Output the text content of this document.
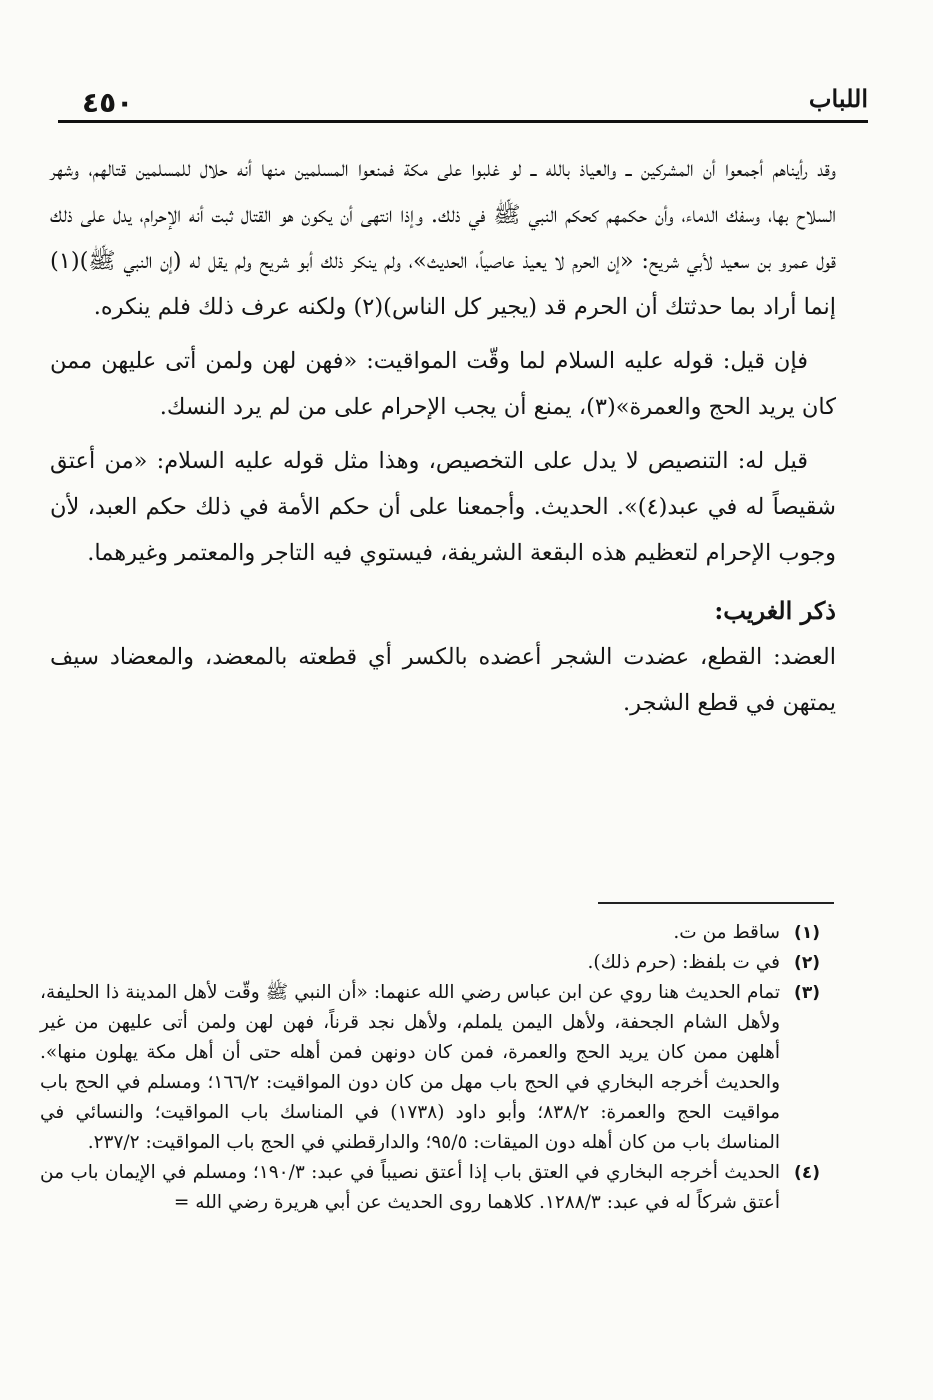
اللباب
٤٥٠

وقد رأيناهم أجمعوا أن المشركين ــ والعياذ بالله ــ لو غلبوا على مكة فمنعوا المسلمين منها أنه حلال للمسلمين قتالهم، وشهر السلاح بها، وسفك الدماء، وأن حكمهم كحكم النبي ﷺ في ذلك. وإذا انتهى أن يكون هو القتال ثبت أنه الإحرام، يدل على ذلك قول عمرو بن سعيد لأبي شريح: «إن الحرم لا يعيذ عاصياً، الحديث»، ولم ينكر ذلك أبو شريح ولم يقل له (إن النبي ﷺ)(١) إنما أراد بما حدثتك أن الحرم قد (يجير كل الناس)(٢) ولكنه عرف ذلك فلم ينكره.

فإن قيل: قوله عليه السلام لما وقّت المواقيت: «فهن لهن ولمن أتى عليهن ممن كان يريد الحج والعمرة»(٣)، يمنع أن يجب الإحرام على من لم يرد النسك.

قيل له: التنصيص لا يدل على التخصيص، وهذا مثل قوله عليه السلام: «من أعتق شقيصاً له في عبد(٤)». الحديث. وأجمعنا على أن حكم الأمة في ذلك حكم العبد، لأن وجوب الإحرام لتعظيم هذه البقعة الشريفة، فيستوي فيه التاجر والمعتمر وغيرهما.

ذكر الغريب:

العضد: القطع، عضدت الشجر أعضده بالكسر أي قطعته بالمعضد، والمعضاد سيف يمتهن في قطع الشجر.

(١)
ساقط من ت.
(٢)
في ت بلفظ: (حرم ذلك).
(٣)
تمام الحديث هنا روي عن ابن عباس رضي الله عنهما: «أن النبي ﷺ وقّت لأهل المدينة ذا الحليفة، ولأهل الشام الجحفة، ولأهل اليمن يلملم، ولأهل نجد قرناً، فهن لهن ولمن أتى عليهن من غير أهلهن ممن كان يريد الحج والعمرة، فمن كان دونهن فمن أهله حتى أن أهل مكة يهلون منها». والحديث أخرجه البخاري في الحج باب مهل من كان دون المواقيت: ١٦٦/٢؛ ومسلم في الحج باب مواقيت الحج والعمرة: ٨٣٨/٢؛ وأبو داود (١٧٣٨) في المناسك باب المواقيت؛ والنسائي في المناسك باب من كان أهله دون الميقات: ٩٥/٥؛ والدارقطني في الحج باب المواقيت: ٢٣٧/٢.
(٤)
الحديث أخرجه البخاري في العتق باب إذا أعتق نصيباً في عبد: ١٩٠/٣؛ ومسلم في الإيمان باب من أعتق شركاً له في عبد: ١٢٨٨/٣. كلاهما روى الحديث عن أبي هريرة رضي الله =
